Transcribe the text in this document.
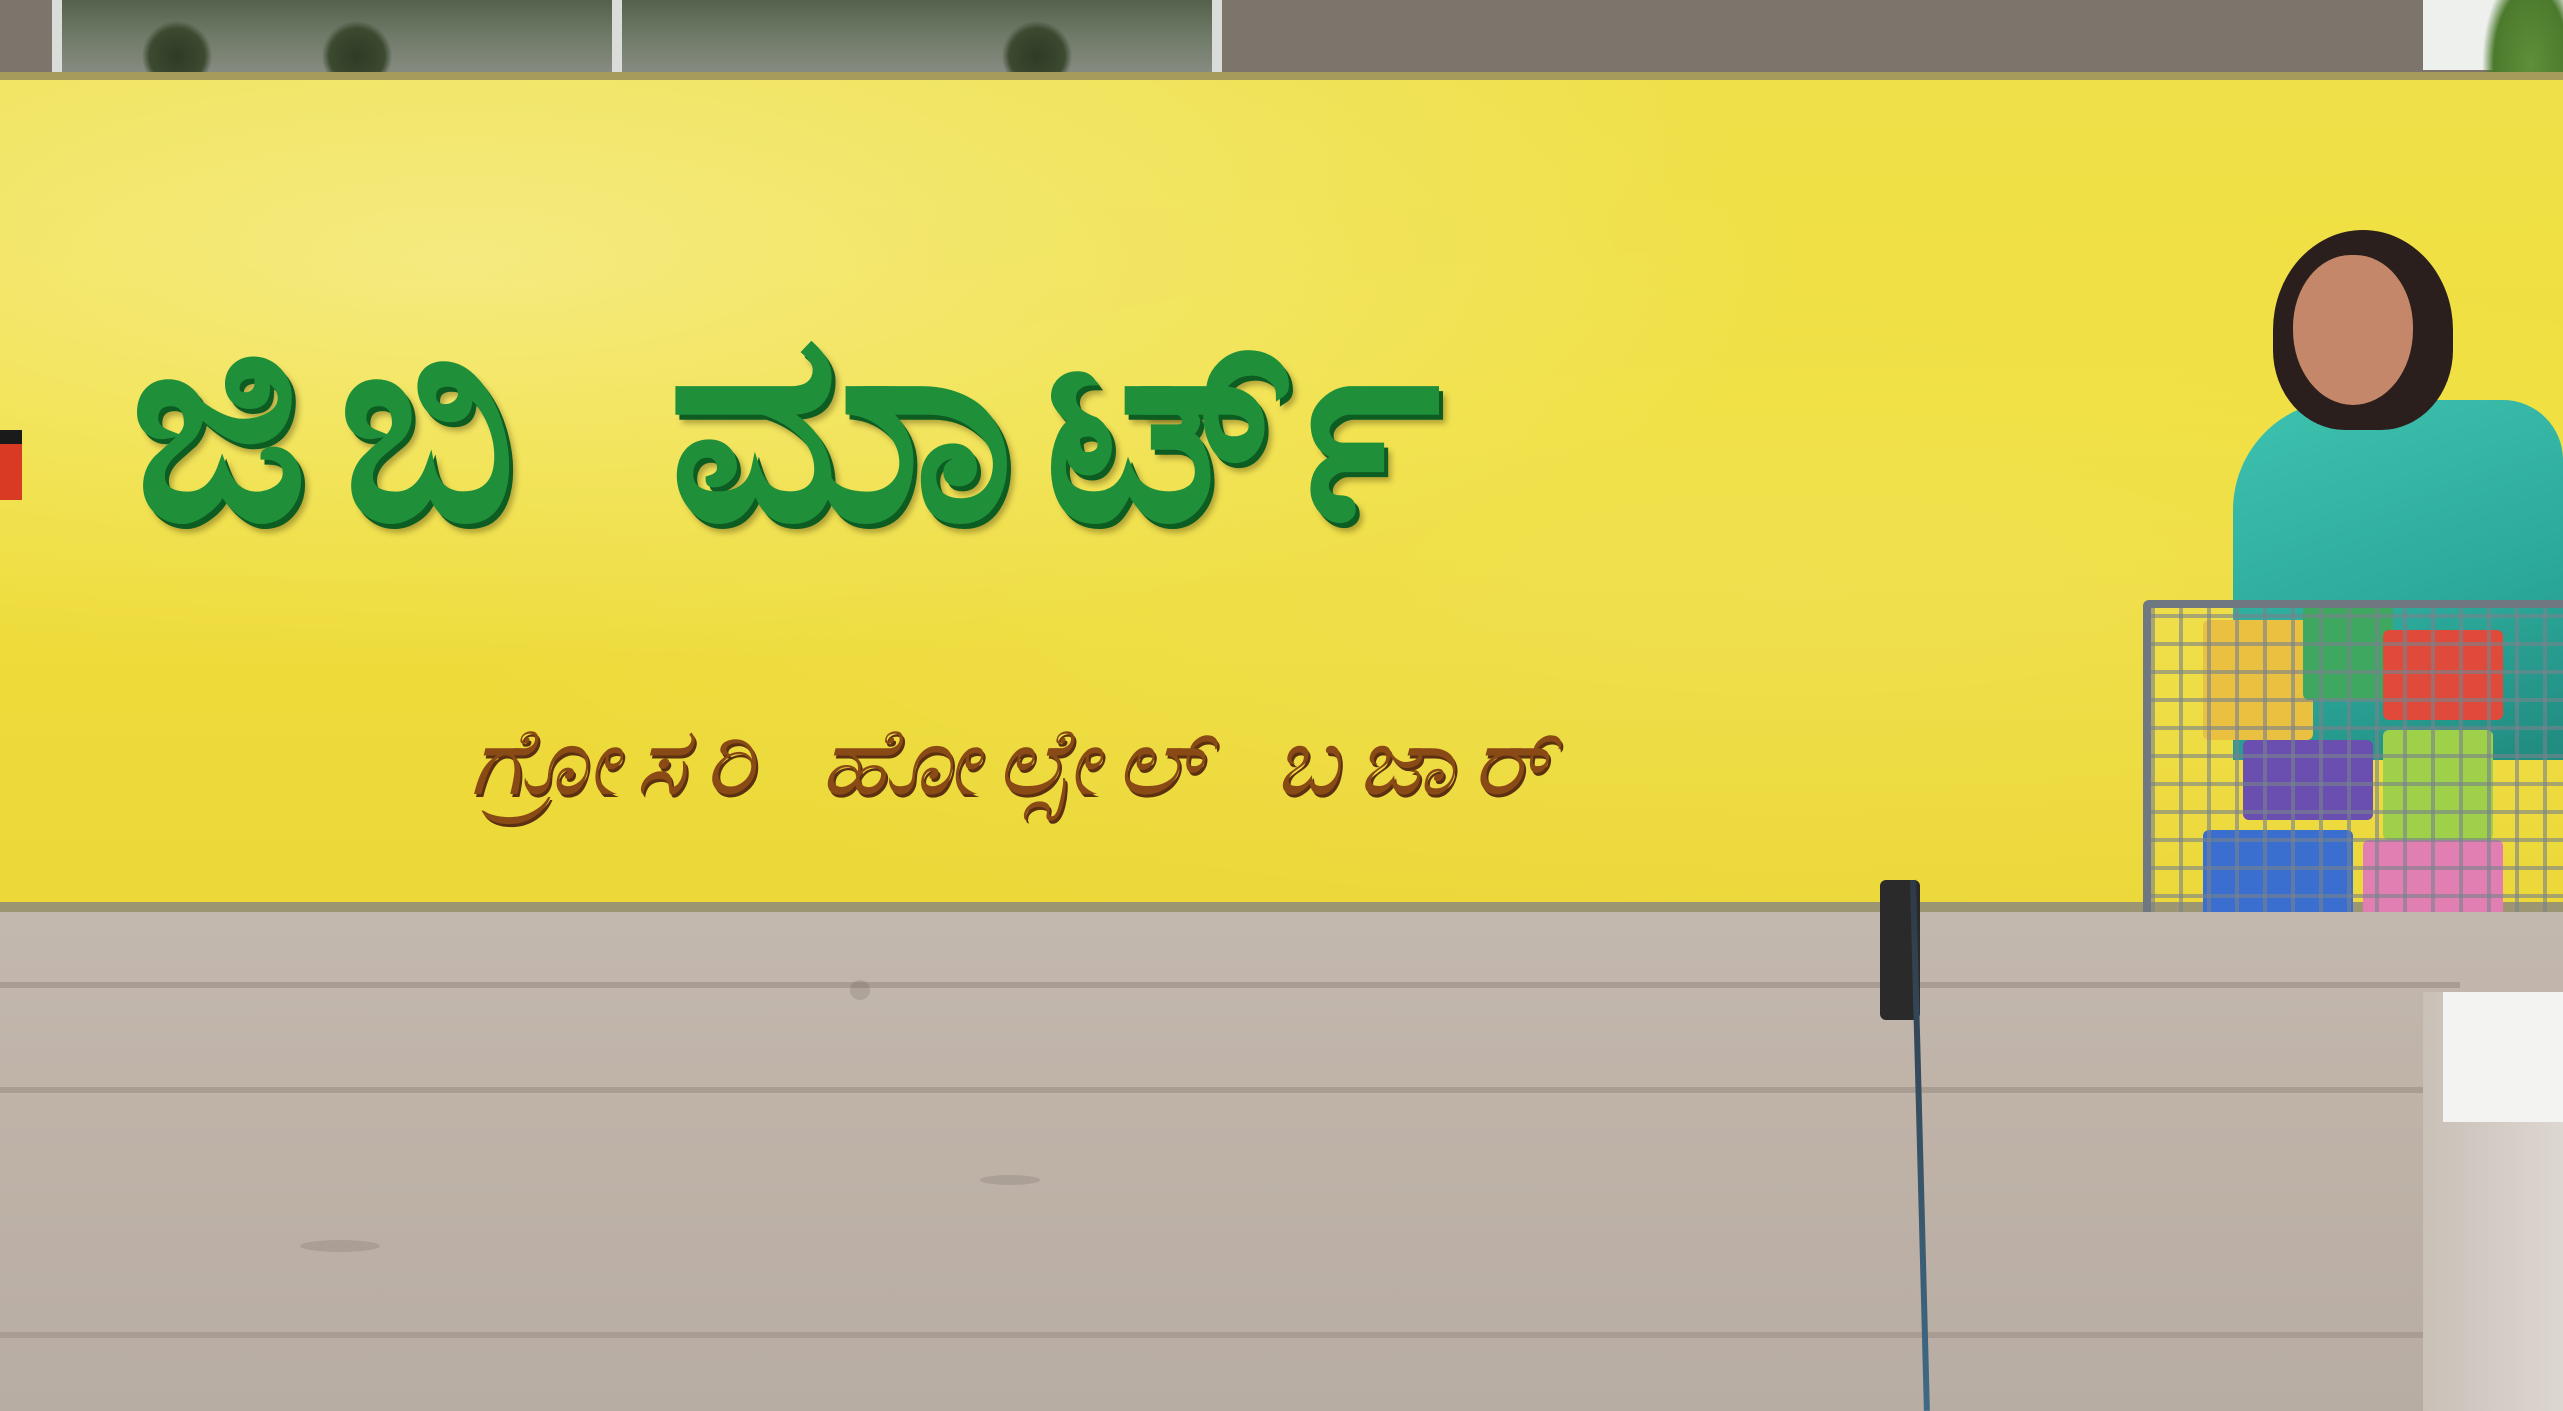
ಜಿಬಿ ಮಾರ್ಟ್
ಗ್ರೋಸರಿ ಹೋಲ್ಸೇಲ್ ಬಜಾರ್
